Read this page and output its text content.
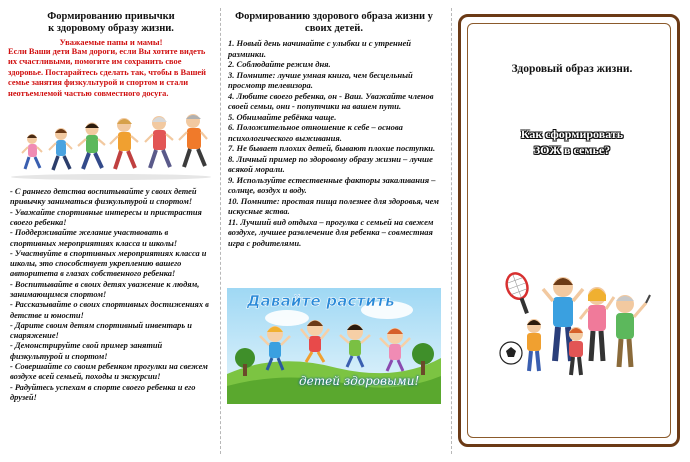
Формированию привычки
к здоровому образу жизни.
Уважаемые папы и мамы!
Если Ваши дети Вам дороги, если Вы хотите видеть их счастливыми, помогите им сохранить свое здоровье. Постарайтесь сделать так, чтобы в Вашей семье занятия физкультурой и спортом и стали неотъемлемой частью совместного досуга.
- С раннего детства воспитывайте у своих детей привычку заниматься физкультурой и спортом!
- Уважайте спортивные интересы и пристрастия своего ребенка!
- Поддерживайте желание участвовать в спортивных мероприятиях класса и школы!
- Участвуйте в спортивных мероприятиях класса и школы, это способствует укреплению вашего авторитета в глазах собственного ребенка!
- Воспитывайте в своих детях уважение к людям, занимающимся спортом!
- Рассказывайте о своих спортивных достижениях в детстве и юности!
- Дарите своим детям спортивный инвентарь и снаряжение!
- Демонстрируйте свой пример занятий физкультурой и спортом!
- Совершайте со своим ребенком прогулки на свежем воздухе всей семьей, походы и экскурсии!
- Радуйтесь успехам в спорте своего ребенка и его друзей!
Формированию здорового образа жизни у
своих детей.
1. Новый день начинайте с улыбки и с утренней разминки.
2. Соблюдайте режим дня.
3. Помните: лучше умная книга, чем бесцельный просмотр телевизора.
4. Любите своего ребенка, он - Ваш. Уважайте членов своей семьи, они - попутчики на вашем пути.
5. Обнимайте ребёнка чаще.
6. Положительное отношение к себе – основа психологического выживания.
7. Не бывает плохих детей, бывают плохие поступки.
8. Личный пример по здоровому образу жизни – лучше всякой морали.
9. Используйте естественные факторы закаливания – солнце, воздух и воду.
10. Помните: простая пища полезнее для здоровья, чем искусные яства.
11. Лучший вид отдыха – прогулка с семьей на свежем воздухе, лучшее развлечение для ребенка – совместная игра с родителями.
Давайте растить
детей здоровыми!
Здоровый образ жизни.
Как сформировать
ЗОЖ в семье?
